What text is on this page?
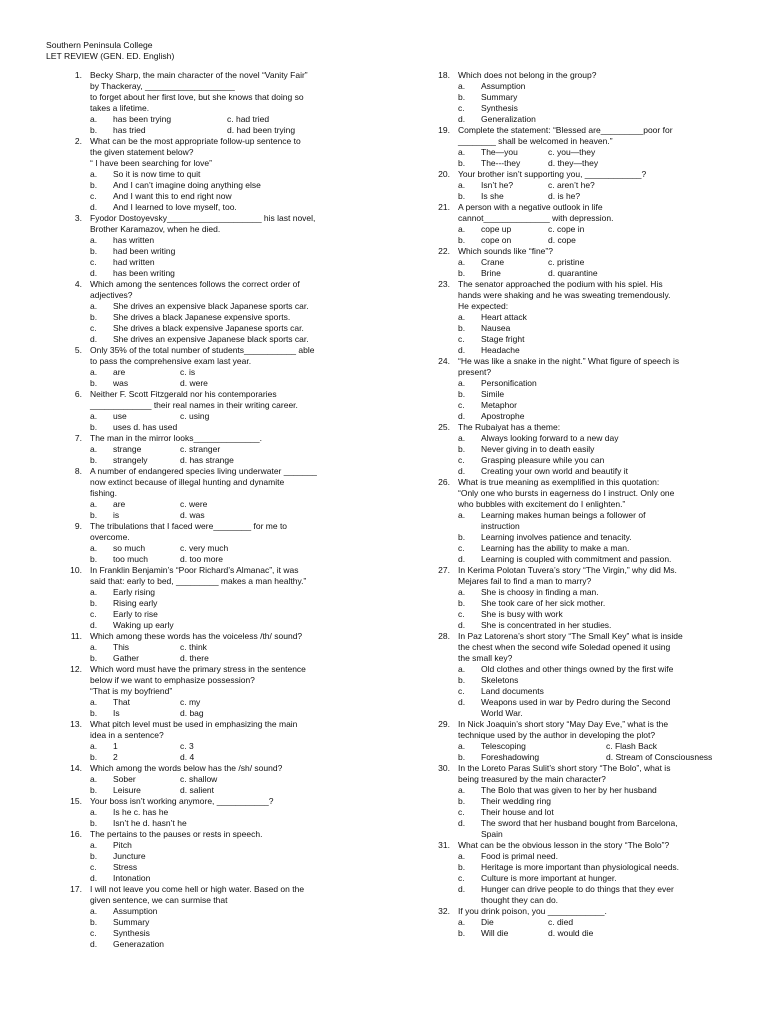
Southern Peninsula College
LET REVIEW (GEN. ED. English)
1. Becky Sharp, the main character of the novel “Vanity Fair”
by Thackeray, ___________________
to forget about her first love, but she knows that doing so
takes a lifetime.
a. has been trying	c. had tried
b. has tried	d. had been trying
2. What can be the most appropriate follow-up sentence to
the given statement below?
“ I have been searching for love”
a. So it is now time to quit
b. And I can’t imagine doing anything else
c. And I want this to end right now
d. And I learned to love myself, too.
3. Fyodor Dostoyevsky____________________ his last novel,
Brother Karamazov, when he died.
a. has written
b. had been writing
c. had written
d. has been writing
4. Which among the sentences follows the correct order of
adjectives?
a. She drives an expensive black Japanese sports car.
b. She drives a black Japanese expensive sports.
c. She drives a black expensive Japanese sports car.
d. She drives an expensive Japanese black sports car.
5. Only 35% of the total number of students___________ able
to pass the comprehensive exam last year.
a. are	c. is
b. was	d. were
6. Neither F. Scott Fitzgerald nor his contemporaries
_____________ their real names in their writing career.
a. use	c. using
b. uses d. has used
7. The man in the mirror looks______________.
a. strange	c. stranger
b. strangely	d. has strange
8. A number of endangered species living underwater _______
now extinct because of illegal hunting and dynamite
fishing.
a. are	c. were
b. is	d. was
9. The tribulations that I faced were________ for me to
overcome.
a. so much	c. very much
b. too much	d. too more
10. In Franklin Benjamin’s “Poor Richard’s Almanac”, it was
said that: early to bed, _________ makes a man healthy.”
a. Early rising
b. Rising early
c. Early to rise
d. Waking up early
11. Which among these words has the voiceless /th/ sound?
a. This	c. think
b. Gather	d. there
12. Which word must have the primary stress in the sentence
below if we want to emphasize possession?
“That is my boyfriend”
a. That	c. my
b. Is	d. bag
13. What pitch level must be used in emphasizing the main
idea in a sentence?
a. 1	c. 3
b. 2	d. 4
14. Which among the words below has the /sh/ sound?
a. Sober	c. shallow
b. Leisure	d. salient
15. Your boss isn’t working anymore, ___________?
a. Is he c. has he
b. Isn’t he d. hasn’t he
16. The pertains to the pauses or rests in speech.
a. Pitch
b. Juncture
c. Stress
d. Intonation
17. I will not leave you come hell or high water. Based on the
given sentence, we can surmise that
a. Assumption
b. Summary
c. Synthesis
d. Generazation
18. Which does not belong in the group?
a. Assumption
b. Summary
c. Synthesis
d. Generalization
19. Complete the statement: “Blessed are_________poor for
________ shall be welcomed in heaven.”
a. The—you	c. you—they
b. The---they	d. they—they
20. Your brother isn’t supporting you, ____________?
a. Isn’t he?	c. aren’t he?
b. Is she	d. is he?
21. A person with a negative outlook in life
cannot______________ with depression.
a. cope up	c. cope in
b. cope on	d. cope
22. Which sounds like “fine”?
a. Crane	c. pristine
b. Brine	d. quarantine
23. The senator approached the podium with his spiel. His
hands were shaking and he was sweating tremendously.
He expected:
a. Heart attack
b. Nausea
c. Stage fright
d. Headache
24. “He was like a snake in the night.” What figure of speech is
present?
a. Personification
b. Simile
c. Metaphor
d. Apostrophe
25. The Rubaiyat has a theme:
a. Always looking forward to a new day
b. Never giving in to death easily
c. Grasping pleasure while you can
d. Creating your own world and beautify it
26. What is true meaning as exemplified in this quotation:
“Only one who bursts in eagerness do I instruct. Only one
who bubbles with excitement do I enlighten.”
a. Learning makes human beings a follower of
instruction
b. Learning involves patience and tenacity.
c. Learning has the ability to make a man.
d. Learning is coupled with commitment and passion.
27. In Kerima Polotan Tuvera’s story “The Virgin,” why did Ms.
Mejares fail to find a man to marry?
a. She is choosy in finding a man.
b. She took care of her sick mother.
c. She is busy with work
d. She is concentrated in her studies.
28. In Paz Latorena’s short story “The Small Key” what is inside
the chest when the second wife Soledad opened it using
the small key?
a. Old clothes and other things owned by the first wife
b. Skeletons
c. Land documents
d. Weapons used in war by Pedro during the Second
World War.
29. In Nick Joaquin’s short story “May Day Eve,” what is the
technique used by the author in developing the plot?
a. Telescoping	c. Flash Back
b. Foreshadowing	d. Stream of Consciousness
30. In the Loreto Paras Sulit’s short story “The Bolo”, what is
being treasured by the main character?
a. The Bolo that was given to her by her husband
b. Their wedding ring
c. Their house and lot
d. The sword that her husband bought from Barcelona,
Spain
31. What can be the obvious lesson in the story “The Bolo”?
a. Food is primal need.
b. Heritage is more important than physiological needs.
c. Culture is more important at hunger.
d. Hunger can drive people to do things that they ever
thought they can do.
32. If you drink poison, you ____________.
a. Die	c. died
b. Will die	d. would die
